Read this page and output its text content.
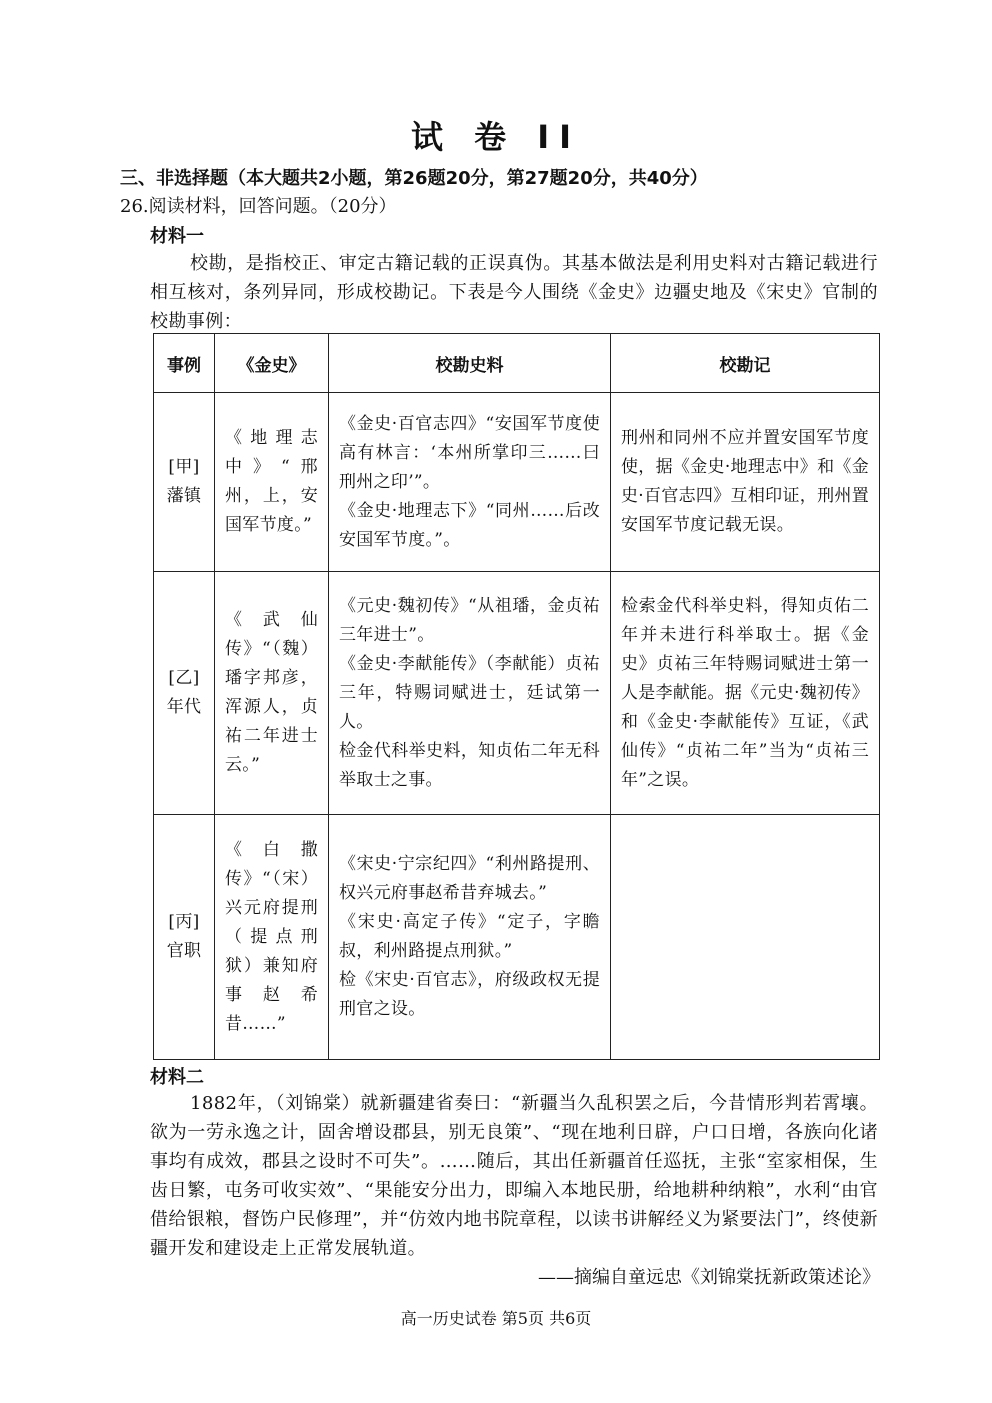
试 卷 II
三、非选择题（本大题共2小题，第26题20分，第27题20分，共40分）
26.阅读材料，回答问题。（20分）
材料一
校勘，是指校正、审定古籍记载的正误真伪。其基本做法是利用史料对古籍记载进行相互核对，条列异同，形成校勘记。下表是今人围绕《金史》边疆史地及《宋史》官制的校勘事例：
事例	《金史》	校勘史料	校勘记

[甲]
藩镇	《地理志中》“邢州，上，安国军节度。”	《金史·百官志四》“安国军节度使高有林言：‘本州所掌印三……曰刑州之印’”。
《金史·地理志下》“同州……后改安国军节度。”。	刑州和同州不应并置安国军节度使，据《金史·地理志中》和《金史·百官志四》互相印证，刑州置安国军节度记载无误。

[乙]
年代	《武仙传》“（魏）璠字邦彦，浑源人，贞祐二年进士云。”	《元史·魏初传》“从祖璠，金贞祐三年进士”。
《金史·李献能传》（李献能）贞祐三年，特赐词赋进士，廷试第一人。
检金代科举史料，知贞佑二年无科举取士之事。	检索金代科举史料，得知贞佑二年并未进行科举取士。据《金史》贞祐三年特赐词赋进士第一人是李献能。据《元史·魏初传》和《金史·李献能传》互证，《武仙传》“贞祐二年”当为“贞祐三年”之误。

[丙]
官职	《白撒传》“（宋）兴元府提刑（提点刑狱）兼知府事赵希昔……”	《宋史·宁宗纪四》“利州路提刑、权兴元府事赵希昔弃城去。”
《宋史·高定子传》“定子，字瞻叔，利州路提点刑狱。”
检《宋史·百官志》，府级政权无提刑官之设。	

材料二
1882年，（刘锦棠）就新疆建省奏曰：“新疆当久乱积罢之后，今昔情形判若霄壤。欲为一劳永逸之计，固舍增设郡县，别无良策”、“现在地利日辟，户口日增，各族向化诸事均有成效，郡县之设时不可失”。……随后，其出任新疆首任巡抚，主张“室家相保，生齿日繁，屯务可收实效”、“果能安分出力，即编入本地民册，给地耕种纳粮”，水利“由官借给银粮，督饬户民修理”，并“仿效内地书院章程，以读书讲解经义为紧要法门”，终使新疆开发和建设走上正常发展轨道。
——摘编自童远忠《刘锦棠抚新政策述论》
高一历史试卷 第5页 共6页
